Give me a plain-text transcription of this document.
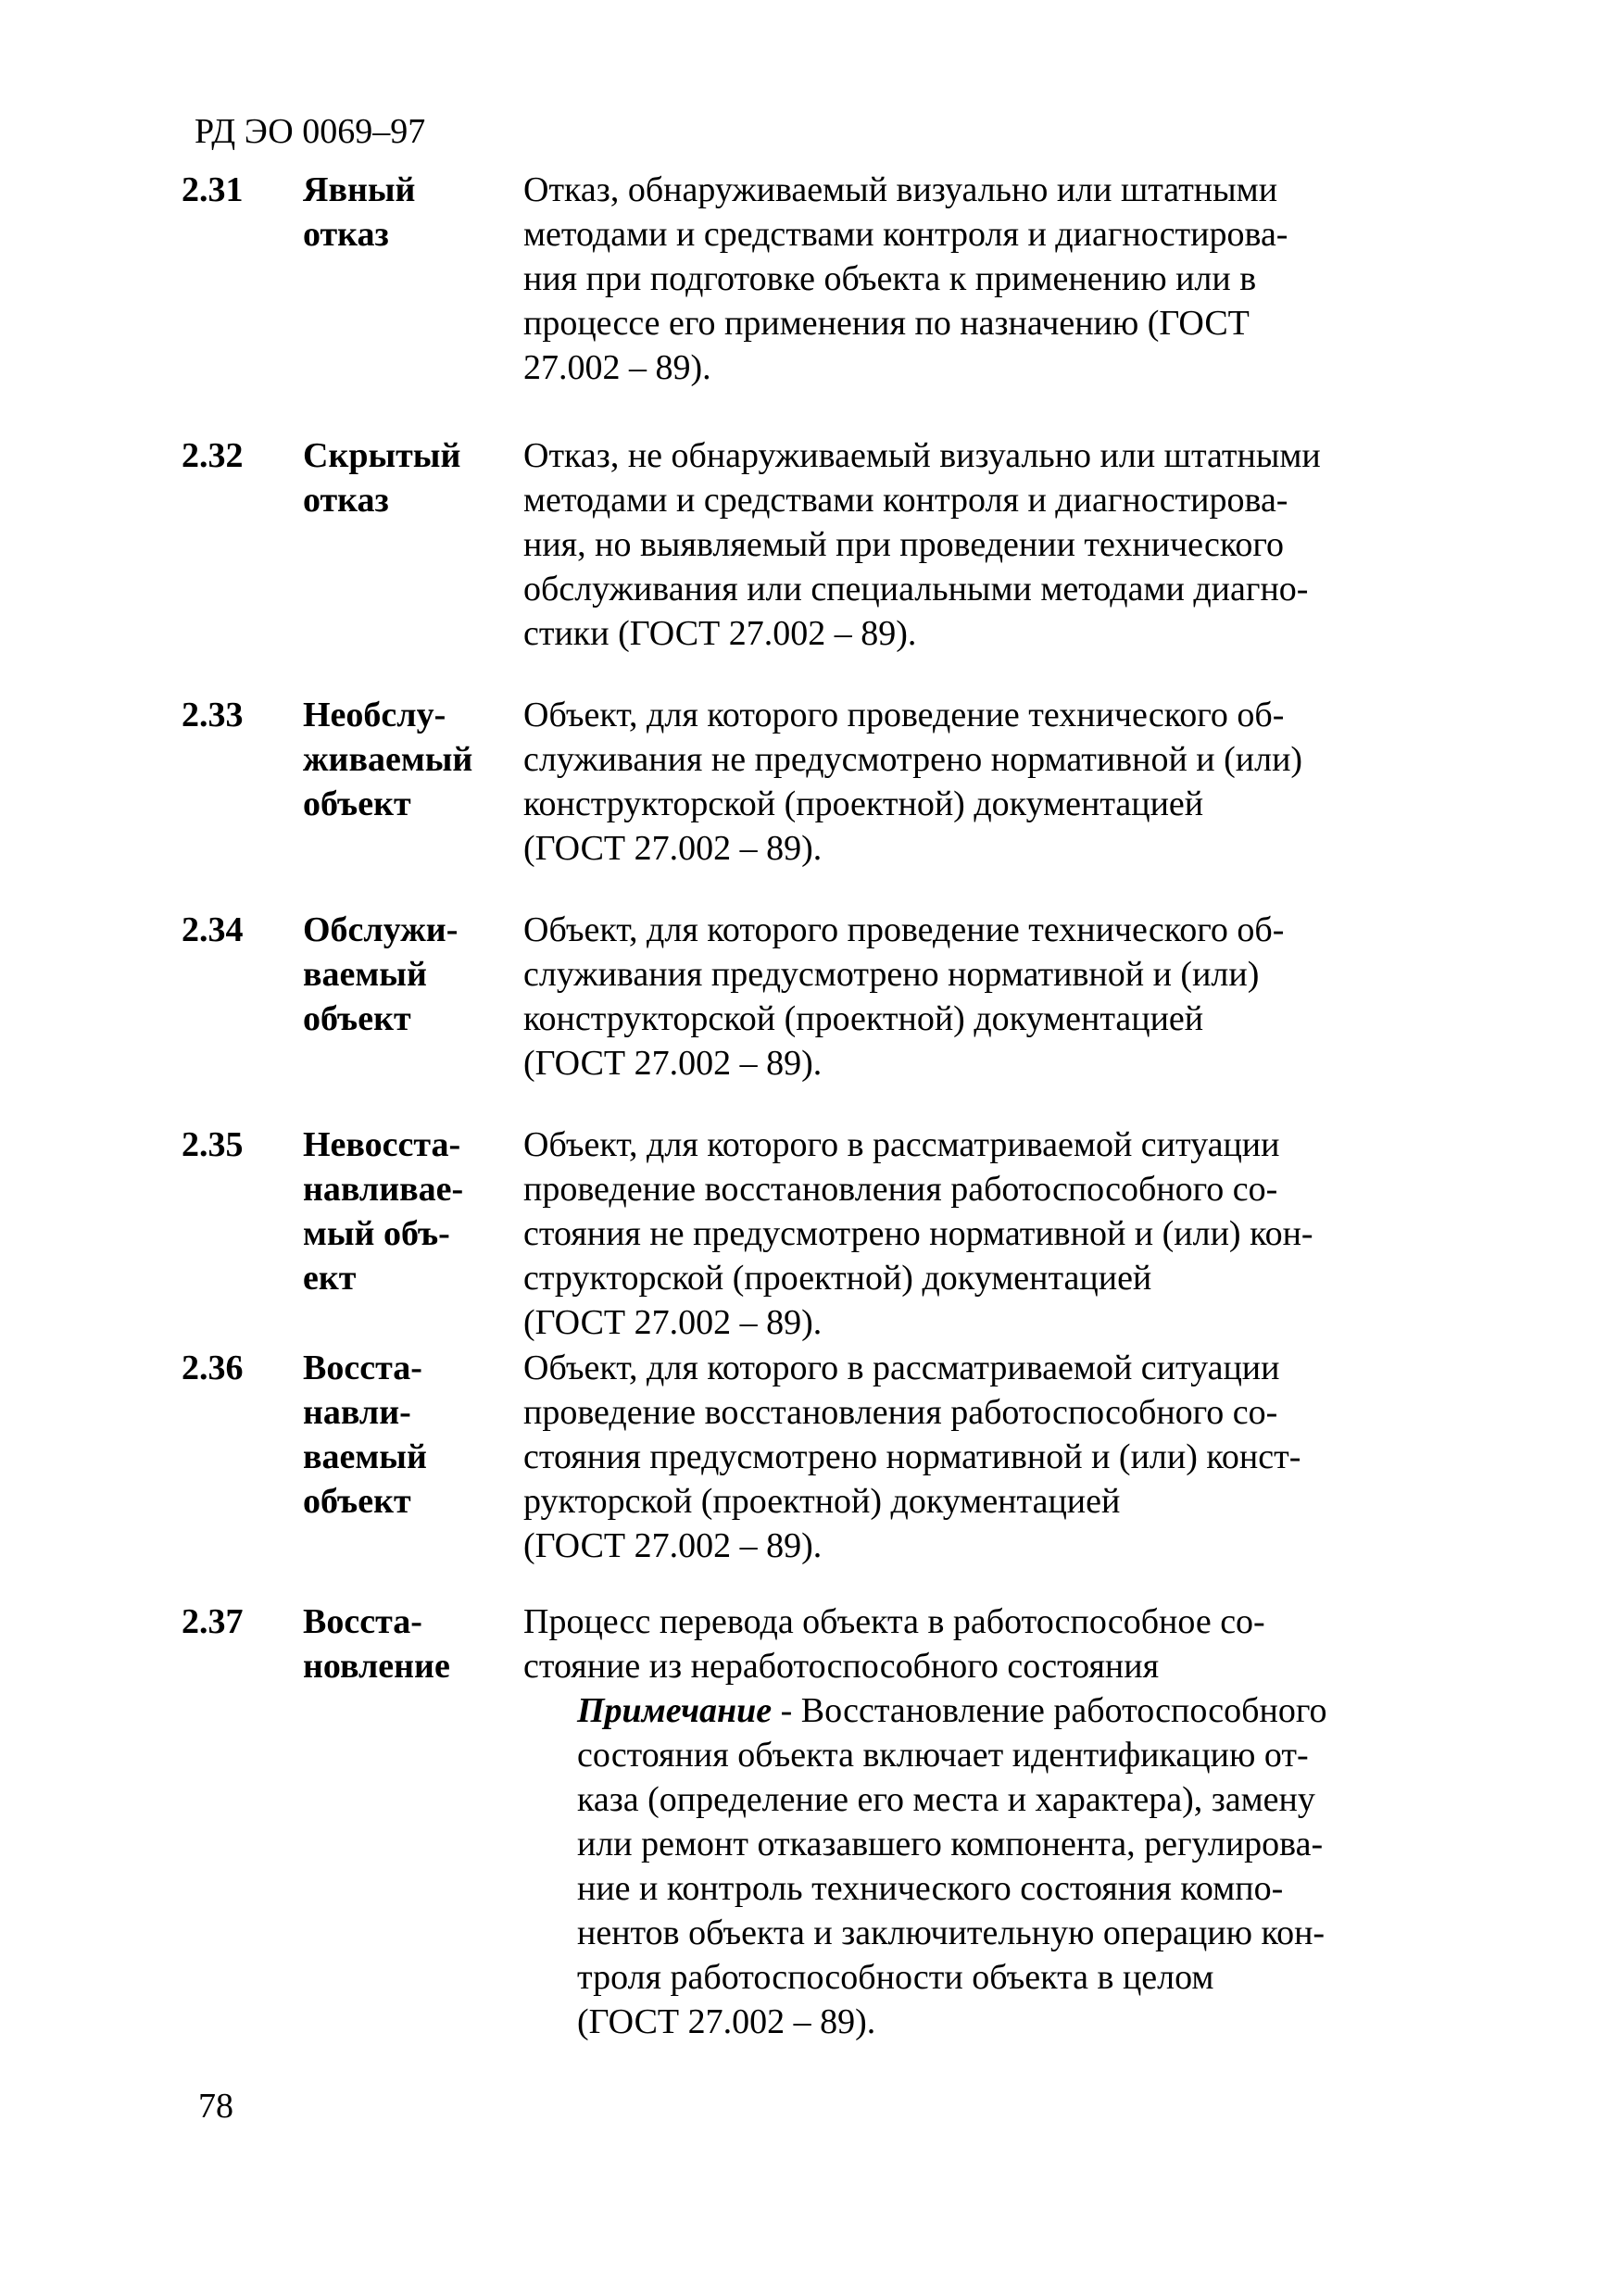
РД ЭО 0069–97
2.31 Явный
отказ
Отказ, обнаруживаемый визуально или штатными
методами и средствами контроля и диагностирова-
ния при подготовке объекта к применению или в
процессе его применения по назначению (ГОСТ
27.002 – 89).
2.32 Скрытый
отказ
Отказ, не обнаруживаемый визуально или штатными
методами и средствами контроля и диагностирова-
ния, но выявляемый при проведении технического
обслуживания или специальными методами диагно-
стики (ГОСТ 27.002 – 89).
2.33 Необслу-
живаемый
объект
Объект, для которого проведение технического об-
служивания не предусмотрено нормативной и (или)
конструкторской (проектной) документацией
(ГОСТ 27.002 – 89).
2.34 Обслужи-
ваемый
объект
Объект, для которого проведение технического об-
служивания предусмотрено нормативной и (или)
конструкторской (проектной) документацией
(ГОСТ 27.002 – 89).
2.35 Невосста-
навливае-
мый объ-
ект
Объект, для которого в рассматриваемой ситуации
проведение восстановления работоспособного со-
стояния не предусмотрено нормативной и (или) кон-
структорской (проектной) документацией
(ГОСТ 27.002 – 89).
2.36 Восста-
навли-
ваемый
объект
Объект, для которого в рассматриваемой ситуации
проведение восстановления работоспособного со-
стояния предусмотрено нормативной и (или) конст-
рукторской (проектной) документацией
(ГОСТ 27.002 – 89).
2.37 Восста-
новление
Процесс перевода объекта в работоспособное со-
стояние из неработоспособного состояния
Примечание - Восстановление работоспособного
состояния объекта включает идентификацию от-
каза (определение его места и характера), замену
или ремонт отказавшего компонента, регулирова-
ние и контроль технического состояния компо-
нентов объекта и заключительную операцию кон-
троля работоспособности объекта в целом
(ГОСТ 27.002 – 89).
78
